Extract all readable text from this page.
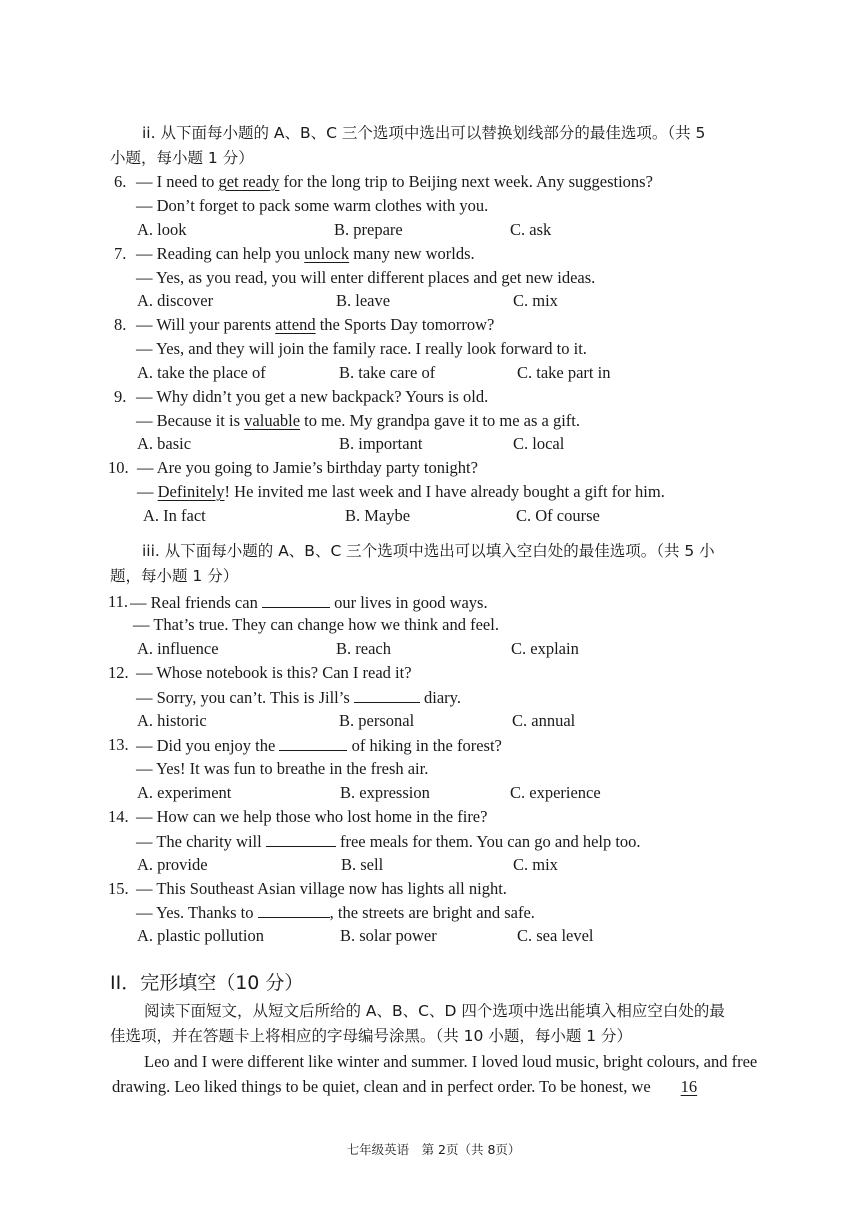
ii. 从下面每小题的 A、B、C 三个选项中选出可以替换划线部分的最佳选项。（共 5
小题，每小题 1 分）
6. — I need to get ready for the long trip to Beijing next week. Any suggestions?
— Don’t forget to pack some warm clothes with you.
A. look	B. prepare	C. ask
7. — Reading can help you unlock many new worlds.
— Yes, as you read, you will enter different places and get new ideas.
A. discover	B. leave	C. mix
8. — Will your parents attend the Sports Day tomorrow?
— Yes, and they will join the family race. I really look forward to it.
A. take the place of	B. take care of	C. take part in
9. — Why didn’t you get a new backpack? Yours is old.
— Because it is valuable to me. My grandpa gave it to me as a gift.
A. basic	B. important	C. local
10. — Are you going to Jamie’s birthday party tonight?
— Definitely! He invited me last week and I have already bought a gift for him.
A. In fact	B. Maybe	C. Of course
iii. 从下面每小题的 A、B、C 三个选项中选出可以填入空白处的最佳选项。（共 5 小
题，每小题 1 分）
11. — Real friends can	our lives in good ways.
— That’s true. They can change how we think and feel.
A. influence	B. reach	C. explain
12. — Whose notebook is this? Can I read it?
— Sorry, you can’t. This is Jill’s	diary.
A. historic	B. personal	C. annual
13. — Did you enjoy the	of hiking in the forest?
— Yes! It was fun to breathe in the fresh air.
A. experiment	B. expression	C. experience
14. — How can we help those who lost home in the fire?
— The charity will	free meals for them. You can go and help too.
A. provide	B. sell	C. mix
15. — This Southeast Asian village now has lights all night.
— Yes. Thanks to	, the streets are bright and safe.
A. plastic pollution	B. solar power	C. sea level
II．完形填空（10 分）
阅读下面短文，从短文后所给的 A、B、C、D 四个选项中选出能填入相应空白处的最
佳选项，并在答题卡上将相应的字母编号涂黑。（共 10 小题，每小题 1 分）
Leo and I were different like winter and summer. I loved loud music, bright colours, and free
drawing. Leo liked things to be quiet, clean and in perfect order. To be honest, we 16
七年级英语　第 2页（共 8页）
